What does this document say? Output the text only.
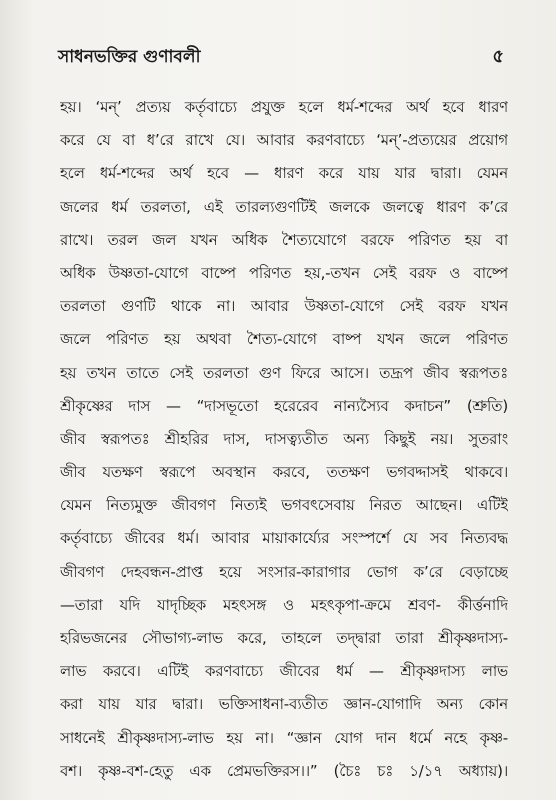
সাধনভক্তির গুণাবলী	৫
হয়। ‘মন্’ প্রত্যয় কর্তৃবাচ্যে প্রযুক্ত হলে ধর্ম-শব্দের অর্থ হবে ধারণ
করে যে বা ধ’রে রাখে যে। আবার করণবাচ্যে ‘মন্’-প্রত্যয়ের প্রয়োগ
হলে ধর্ম-শব্দের অর্থ হবে — ধারণ করে যায় যার দ্বারা। যেমন
জলের ধর্ম তরলতা, এই তারল্যগুণটিই জলকে জলত্বে ধারণ ক’রে
রাখে। তরল জল যখন অধিক শৈত্যযোগে বরফে পরিণত হয় বা
অধিক উষ্ণতা-যোগে বাষ্পে পরিণত হয়,-তখন সেই বরফ ও বাষ্পে
তরলতা গুণটি থাকে না। আবার উষ্ণতা-যোগে সেই বরফ যখন
জলে পরিণত হয় অথবা শৈত্য-যোগে বাষ্প যখন জলে পরিণত
হয় তখন তাতে সেই তরলতা গুণ ফিরে আসে। তদ্রূপ জীব স্বরূপতঃ
শ্রীকৃষ্ণের দাস — “দাসভূতো হরেরেব নান্যস্যৈব কদাচন” (শ্রুতি)
জীব স্বরূপতঃ শ্রীহরির দাস, দাসত্ব্যতীত অন্য কিছুই নয়। সুতরাং
জীব যতক্ষণ স্বরূপে অবস্থান করবে, ততক্ষণ ভগবদ্দাসই থাকবে।
যেমন নিত্যমুক্ত জীবগণ নিত্যই ভগবৎসেবায় নিরত আছেন। এটিই
কর্তৃবাচ্যে জীবের ধর্ম। আবার মায়াকার্য্যের সংস্পর্শে যে সব নিত্যবদ্ধ
জীবগণ দেহবন্ধন-প্রাপ্ত হয়ে সংসার-কারাগার ভোগ ক’রে বেড়াচ্ছে
—তারা যদি যাদৃচ্ছিক মহৎসঙ্গ ও মহৎকৃপা-ক্রমে শ্রবণ- কীর্ত্তনাদি
হরিভজনের সৌভাগ্য-লাভ করে, তাহলে তদ্দ্বারা তারা শ্রীকৃষ্ণদাস্য-
লাভ করবে। এটিই করণবাচ্যে জীবের ধর্ম — শ্রীকৃষ্ণদাস্য লাভ
করা যায় যার দ্বারা। ভক্তিসাধনা-ব্যতীত জ্ঞান-যোগাদি অন্য কোন
সাধনেই শ্রীকৃষ্ণদাস্য-লাভ হয় না। “জ্ঞান যোগ দান ধর্মে নহে কৃষ্ণ-
বশ। কৃষ্ণ-বশ-হেতু এক প্রেমভক্তিরস।।” (চৈঃ চঃ ১/১৭ অধ্যায়)।
